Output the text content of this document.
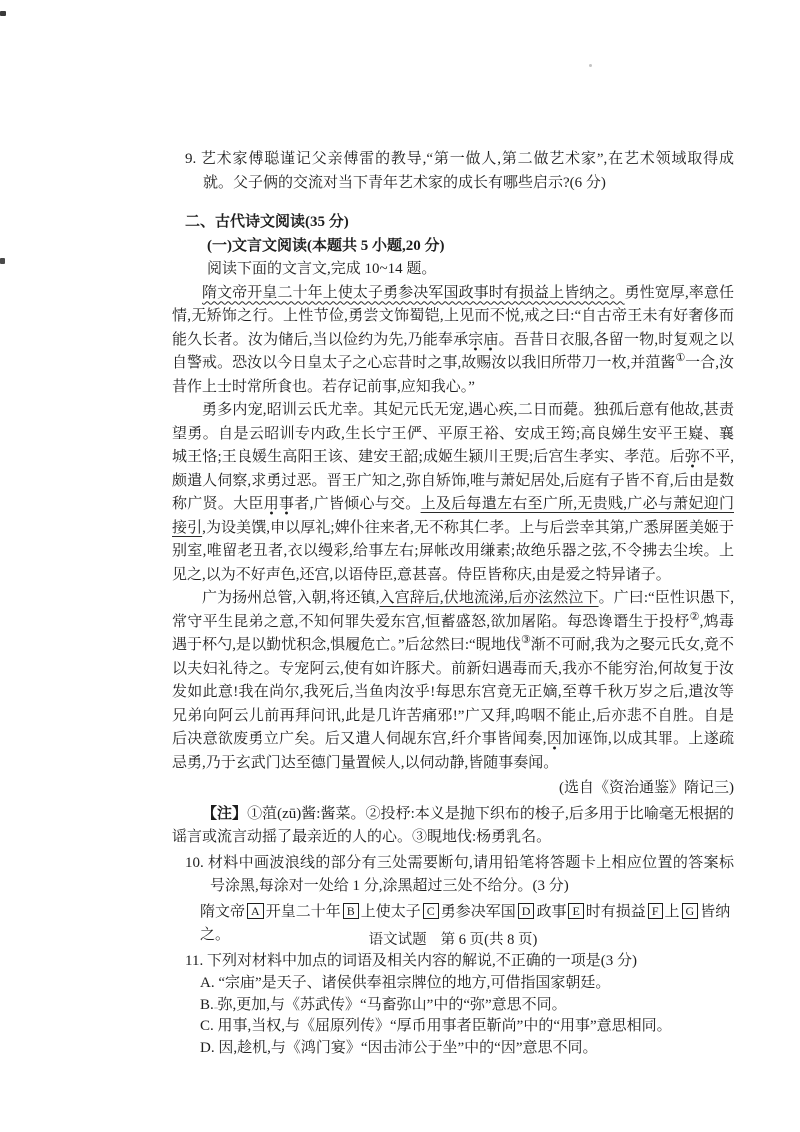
9. 艺术家傅聪谨记父亲傅雷的教导,“第一做人,第二做艺术家”,在艺术领域取得成就。父子俩的交流对当下青年艺术家的成长有哪些启示?(6 分)
二、古代诗文阅读(35 分)
(一)文言文阅读(本题共 5 小题,20 分)
阅读下面的文言文,完成 10~14 题。
隋文帝开皇二十年上使太子勇参决军国政事时有损益上皆纳之。勇性宽厚,率意任情,无矫饰之行。上性节俭,勇尝文饰蜀铠,上见而不悦,戒之曰:“自古帝王未有好奢侈而能久长者。汝为储后,当以俭约为先,乃能奉承宗庙。吾昔日衣服,各留一物,时复观之以自警戒。恐汝以今日皇太子之心忘昔时之事,故赐汝以我旧所带刀一枚,并菹酱①一合,汝昔作上士时常所食也。若存记前事,应知我心。”
勇多内宠,昭训云氏尤幸。其妃元氏无宠,遇心疾,二日而薨。独孤后意有他故,甚责望勇。自是云昭训专内政,生长宁王俨、平原王裕、安成王筠;高良娣生安平王嶷、襄城王恪;王良媛生高阳王该、建安王韶;成姬生颍川王煚;后宫生孝实、孝范。后弥不平,颇遣人伺察,求勇过恶。晋王广知之,弥自矫饰,唯与萧妃居处,后庭有子皆不育,后由是数称广贤。大臣用事者,广皆倾心与交。上及后每遣左右至广所,无贵贱,广必与萧妃迎门接引,为设美馔,申以厚礼;婢仆往来者,无不称其仁孝。上与后尝幸其第,广悉屏匿美姬于别室,唯留老丑者,衣以缦彩,给事左右;屏帐改用缣素;故绝乐器之弦,不令拂去尘埃。上见之,以为不好声色,还宫,以语侍臣,意甚喜。侍臣皆称庆,由是爱之特异诸子。
广为扬州总管,入朝,将还镇,入宫辞后,伏地流涕,后亦泫然泣下。广曰:“臣性识愚下,常守平生昆弟之意,不知何罪失爱东宫,恒蓄盛怒,欲加屠陷。每恐谗谮生于投杼②,鸩毒遇于杯勺,是以勤忧积念,惧履危亡。”后忿然曰:“睍地伐③渐不可耐,我为之娶元氏女,竟不以夫妇礼待之。专宠阿云,使有如许豚犬。前新妇遇毒而夭,我亦不能穷治,何故复于汝发如此意!我在尚尔,我死后,当鱼肉汝乎!每思东宫竟无正嫡,至尊千秋万岁之后,遣汝等兄弟向阿云儿前再拜问讯,此是几许苦痛邪!”广又拜,呜咽不能止,后亦悲不自胜。自是后决意欲废勇立广矣。后又遣人伺觇东宫,纤介事皆闻奏,因加诬饰,以成其罪。上遂疏忌勇,乃于玄武门达至德门量置候人,以伺动静,皆随事奏闻。
(选自《资治通鉴》隋记三)
【注】①菹(zū)酱:酱菜。②投杼:本义是抛下织布的梭子,后多用于比喻毫无根据的谣言或流言动摇了最亲近的人的心。③睍地伐:杨勇乳名。
10. 材料中画波浪线的部分有三处需要断句,请用铅笔将答题卡上相应位置的答案标号涂黑,每涂对一处给 1 分,涂黑超过三处不给分。(3 分)
隋文帝 A 开皇二十年 B 上使太子 C 勇参决军国 D 政事 E 时有损益 F 上 G 皆纳之。
11. 下列对材料中加点的词语及相关内容的解说,不正确的一项是(3 分)
A. “宗庙”是天子、诸侯供奉祖宗牌位的地方,可借指国家朝廷。
B. 弥,更加,与《苏武传》“马畜弥山”中的“弥”意思不同。
C. 用事,当权,与《屈原列传》“厚币用事者臣靳尚”中的“用事”意思相同。
D. 因,趁机,与《鸿门宴》“因击沛公于坐”中的“因”意思不同。
语文试题 第 6 页(共 8 页)
